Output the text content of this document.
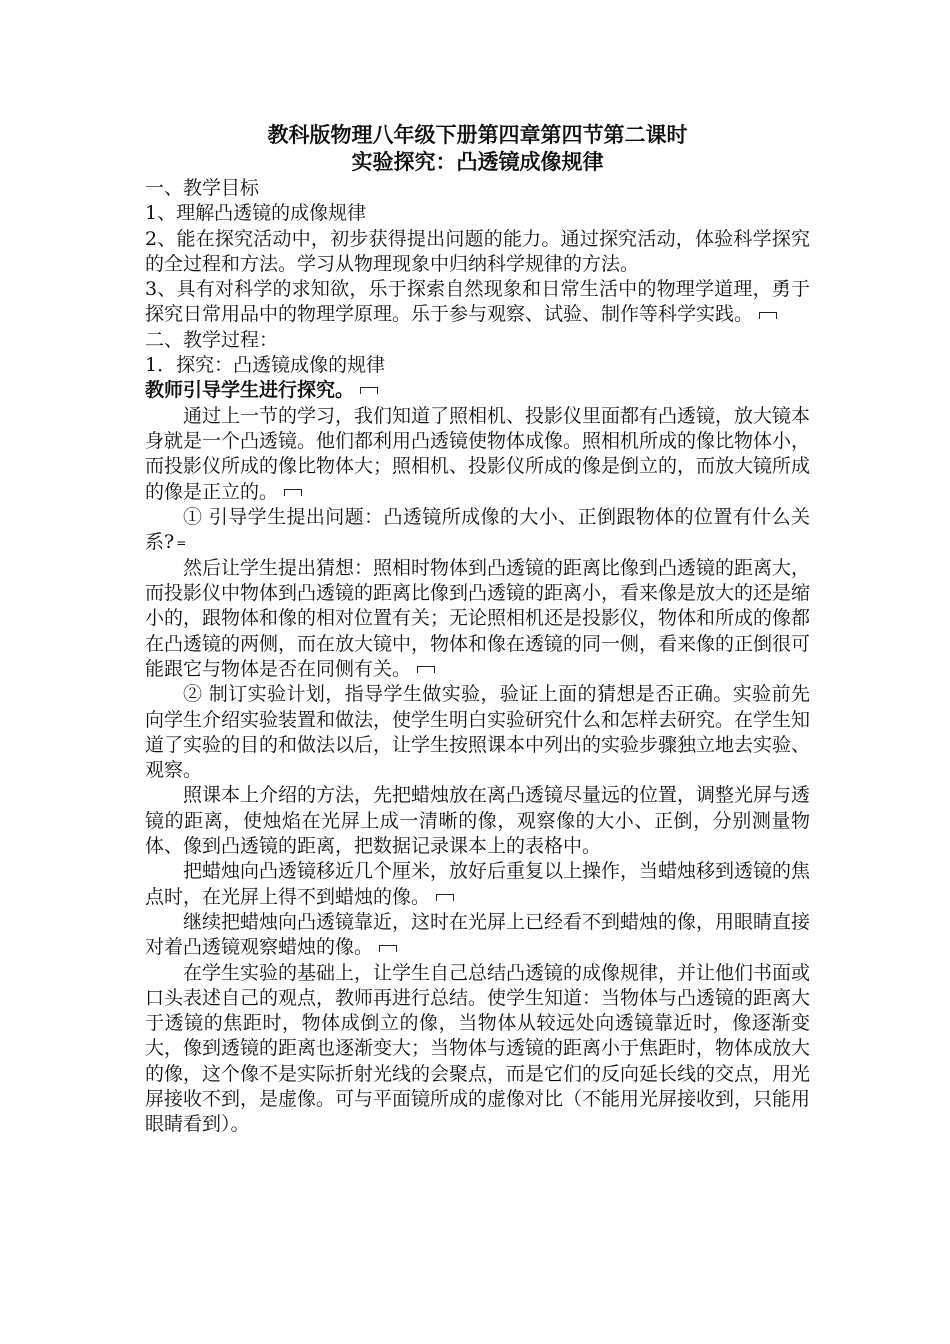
教科版物理八年级下册第四章第四节第二课时
实验探究：凸透镜成像规律

一、教学目标

1、理解凸透镜的成像规律

2、能在探究活动中，初步获得提出问题的能力。通过探究活动，体验科学探究的全过程和方法。学习从物理现象中归纳科学规律的方法。

3、具有对科学的求知欲，乐于探索自然现象和日常生活中的物理学道理，勇于探究日常用品中的物理学原理。乐于参与观察、试验、制作等科学实践。

二、教学过程：

1．探究：凸透镜成像的规律

教师引导学生进行探究。

通过上一节的学习，我们知道了照相机、投影仪里面都有凸透镜，放大镜本身就是一个凸透镜。他们都利用凸透镜使物体成像。照相机所成的像比物体小，而投影仪所成的像比物体大；照相机、投影仪所成的像是倒立的，而放大镜所成的像是正立的。

① 引导学生提出问题：凸透镜所成像的大小、正倒跟物体的位置有什么关系? =

然后让学生提出猜想：照相时物体到凸透镜的距离比像到凸透镜的距离大，而投影仪中物体到凸透镜的距离比像到凸透镜的距离小，看来像是放大的还是缩小的，跟物体和像的相对位置有关；无论照相机还是投影仪，物体和所成的像都在凸透镜的两侧，而在放大镜中，物体和像在透镜的同一侧，看来像的正倒很可能跟它与物体是否在同侧有关。

② 制订实验计划，指导学生做实验，验证上面的猜想是否正确。实验前先向学生介绍实验装置和做法，使学生明白实验研究什么和怎样去研究。在学生知道了实验的目的和做法以后，让学生按照课本中列出的实验步骤独立地去实验、观察。

照课本上介绍的方法，先把蜡烛放在离凸透镜尽量远的位置，调整光屏与透镜的距离，使烛焰在光屏上成一清晰的像，观察像的大小、正倒，分别测量物体、像到凸透镜的距离，把数据记录课本上的表格中。

把蜡烛向凸透镜移近几个厘米，放好后重复以上操作，当蜡烛移到透镜的焦点时，在光屏上得不到蜡烛的像。

继续把蜡烛向凸透镜靠近，这时在光屏上已经看不到蜡烛的像，用眼睛直接对着凸透镜观察蜡烛的像。

在学生实验的基础上，让学生自己总结凸透镜的成像规律，并让他们书面或口头表述自己的观点，教师再进行总结。使学生知道：当物体与凸透镜的距离大于透镜的焦距时，物体成倒立的像，当物体从较远处向透镜靠近时，像逐渐变大，像到透镜的距离也逐渐变大；当物体与透镜的距离小于焦距时，物体成放大的像，这个像不是实际折射光线的会聚点，而是它们的反向延长线的交点，用光屏接收不到，是虚像。可与平面镜所成的虚像对比（不能用光屏接收到，只能用眼睛看到）。
